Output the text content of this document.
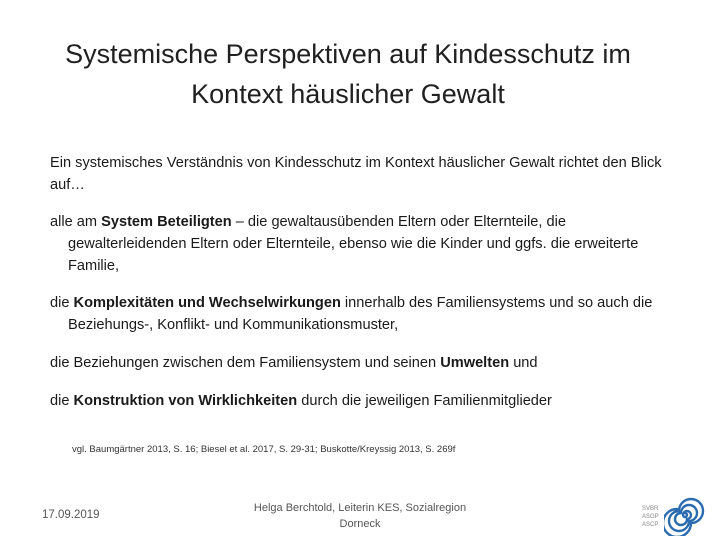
Systemische Perspektiven auf Kindesschutz im
Kontext häuslicher Gewalt

Ein systemisches Verständnis von Kindesschutz im Kontext häuslicher Gewalt richtet den Blick auf…

alle am System Beteiligten – die gewaltausübenden Eltern oder Elternteile, die gewalterleidenden Eltern oder Elternteile, ebenso wie die Kinder und ggfs. die erweiterte Familie,

die Komplexitäten und Wechselwirkungen innerhalb des Familiensystems und so auch die Beziehungs-, Konflikt- und Kommunikationsmuster,

die Beziehungen zwischen dem Familiensystem und seinen Umwelten und

die Konstruktion von Wirklichkeiten durch die jeweiligen Familienmitglieder

vgl. Baumgärtner 2013, S. 16; Biesel et al. 2017, S. 29-31; Buskotte/Kreyssig 2013, S. 269f
17.09.2019
Helga Berchtold, Leiterin KES, Sozialregion
Dorneck
SVBR
ASGP
ASCP
